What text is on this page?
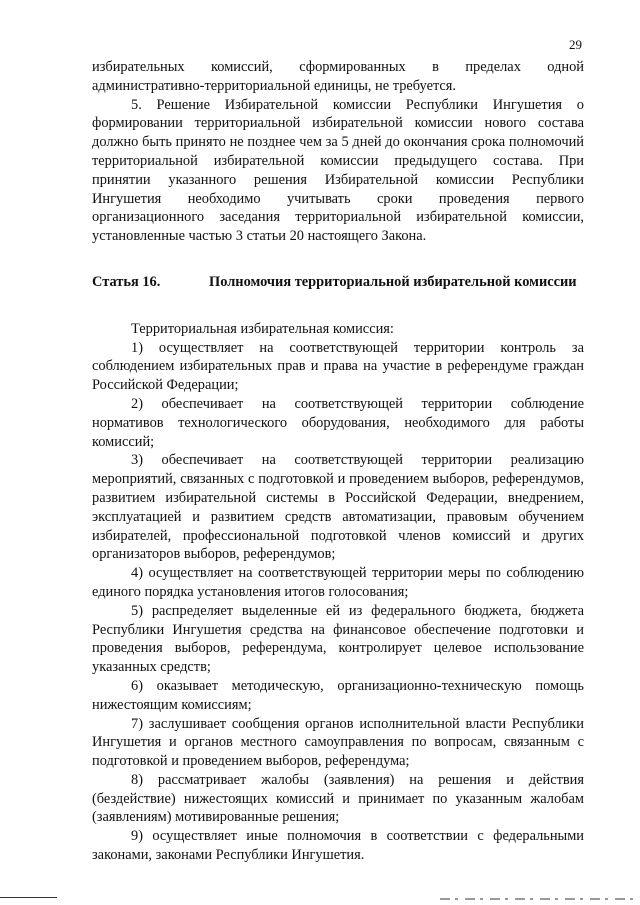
29

избирательных комиссий, сформированных в пределах одной административно-территориальной единицы, не требуется.

5. Решение Избирательной комиссии Республики Ингушетия о формировании территориальной избирательной комиссии нового состава должно быть принято не позднее чем за 5 дней до окончания срока полномочий территориальной избирательной комиссии предыдущего состава. При принятии указанного решения Избирательной комиссии Республики Ингушетия необходимо учитывать сроки проведения первого организационного заседания территориальной избирательной комиссии, установленные частью 3 статьи 20 настоящего Закона.

Статья 16.	Полномочия территориальной избирательной комиссии

Территориальная избирательная комиссия:

1) осуществляет на соответствующей территории контроль за соблюдением избирательных прав и права на участие в референдуме граждан Российской Федерации;

2) обеспечивает на соответствующей территории соблюдение нормативов технологического оборудования, необходимого для работы комиссий;

3) обеспечивает на соответствующей территории реализацию мероприятий, связанных с подготовкой и проведением выборов, референдумов, развитием избирательной системы в Российской Федерации, внедрением, эксплуатацией и развитием средств автоматизации, правовым обучением избирателей, профессиональной подготовкой членов комиссий и других организаторов выборов, референдумов;

4) осуществляет на соответствующей территории меры по соблюдению единого порядка установления итогов голосования;

5) распределяет выделенные ей из федерального бюджета, бюджета Республики Ингушетия средства на финансовое обеспечение подготовки и проведения выборов, референдума, контролирует целевое использование указанных средств;

6) оказывает методическую, организационно-техническую помощь нижестоящим комиссиям;

7) заслушивает сообщения органов исполнительной власти Республики Ингушетия и органов местного самоуправления по вопросам, связанным с подготовкой и проведением выборов, референдума;

8) рассматривает жалобы (заявления) на решения и действия (бездействие) нижестоящих комиссий и принимает по указанным жалобам (заявлениям) мотивированные решения;

9) осуществляет иные полномочия в соответствии с федеральными законами, законами Республики Ингушетия.
